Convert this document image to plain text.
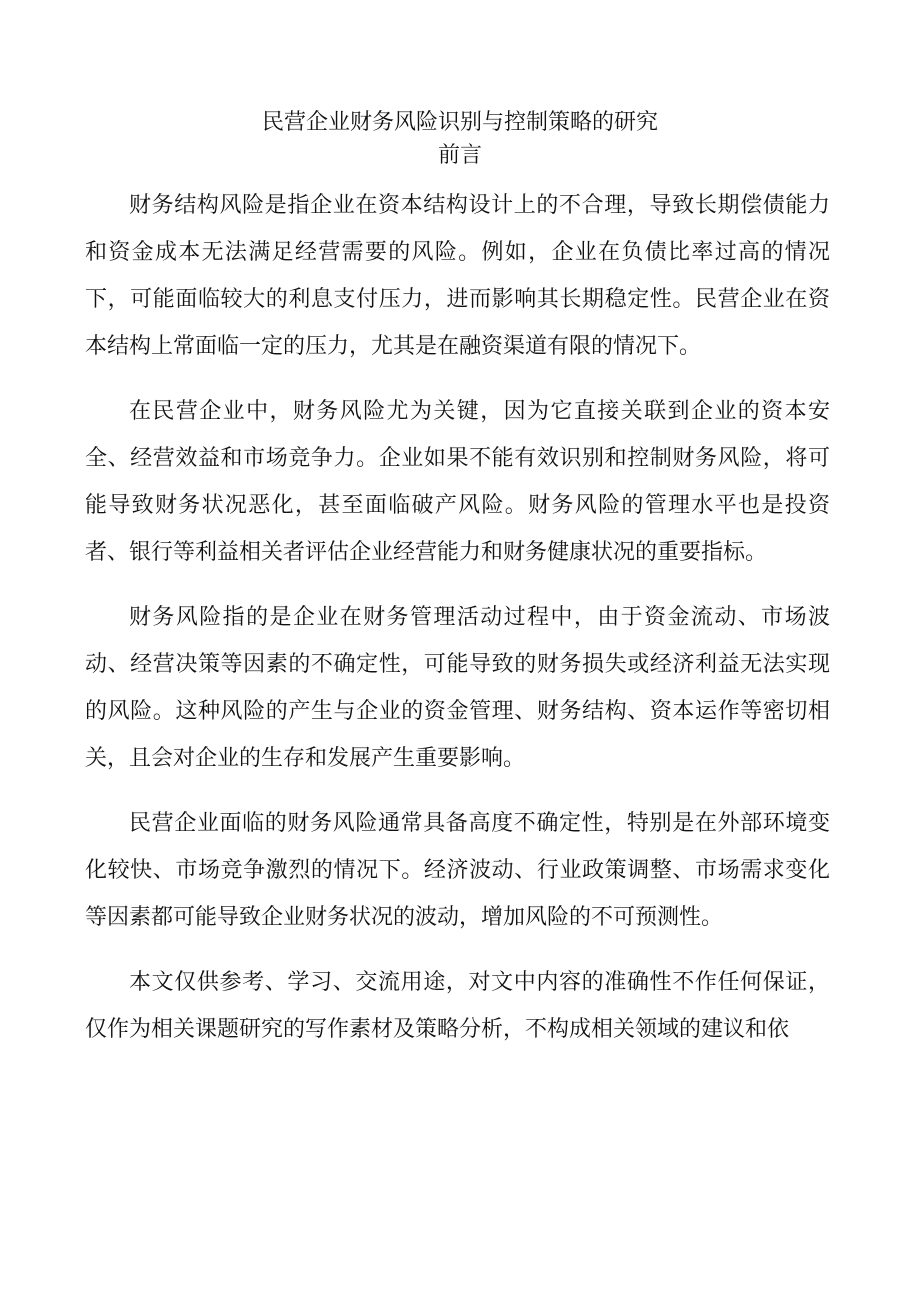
民营企业财务风险识别与控制策略的研究
前言

财务结构风险是指企业在资本结构设计上的不合理，导致长期偿债能力和资金成本无法满足经营需要的风险。例如，企业在负债比率过高的情况下，可能面临较大的利息支付压力，进而影响其长期稳定性。民营企业在资本结构上常面临一定的压力，尤其是在融资渠道有限的情况下。

在民营企业中，财务风险尤为关键，因为它直接关联到企业的资本安全、经营效益和市场竞争力。企业如果不能有效识别和控制财务风险，将可能导致财务状况恶化，甚至面临破产风险。财务风险的管理水平也是投资者、银行等利益相关者评估企业经营能力和财务健康状况的重要指标。

财务风险指的是企业在财务管理活动过程中，由于资金流动、市场波动、经营决策等因素的不确定性，可能导致的财务损失或经济利益无法实现的风险。这种风险的产生与企业的资金管理、财务结构、资本运作等密切相关，且会对企业的生存和发展产生重要影响。

民营企业面临的财务风险通常具备高度不确定性，特别是在外部环境变化较快、市场竞争激烈的情况下。经济波动、行业政策调整、市场需求变化等因素都可能导致企业财务状况的波动，增加风险的不可预测性。

本文仅供参考、学习、交流用途，对文中内容的准确性不作任何保证，仅作为相关课题研究的写作素材及策略分析，不构成相关领域的建议和依
